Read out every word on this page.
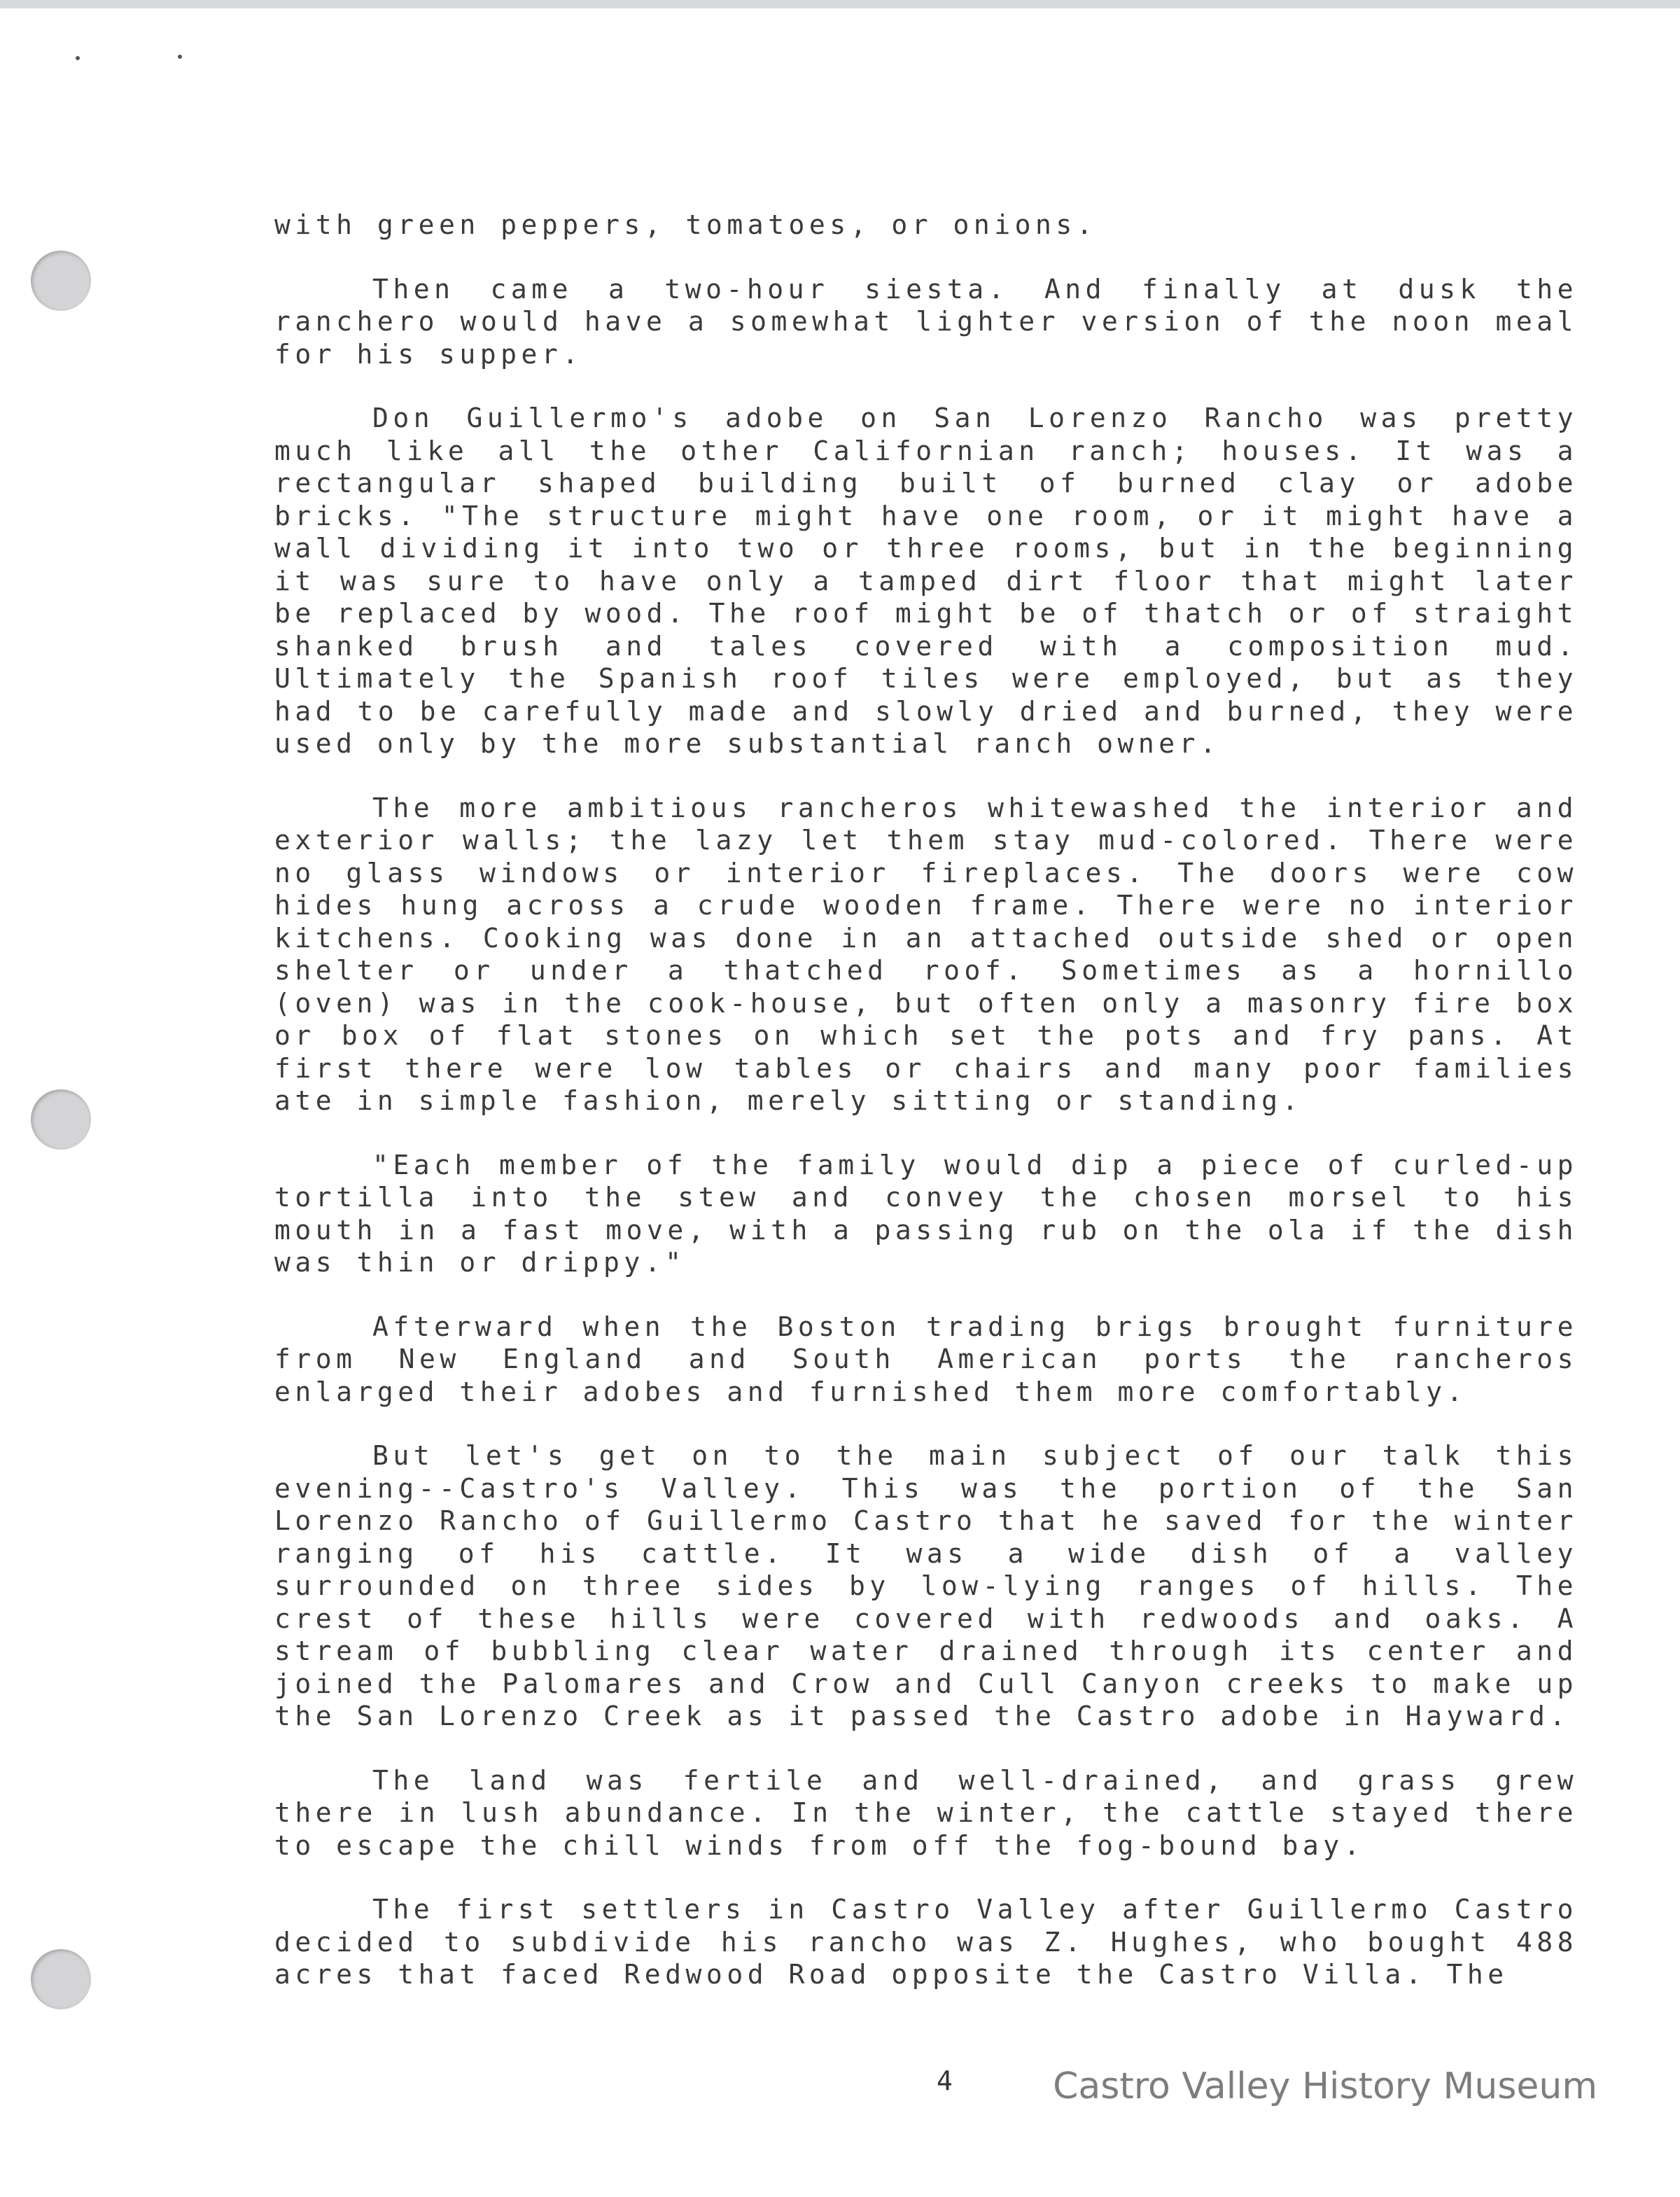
with green peppers, tomatoes, or onions.

Then came a two-hour siesta. And finally at dusk the ranchero would have a somewhat lighter version of the noon meal for his supper.

Don Guillermo's adobe on San Lorenzo Rancho was pretty much like all the other Californian ranch; houses. It was a rectangular shaped building built of burned clay or adobe bricks. "The structure might have one room, or it might have a wall dividing it into two or three rooms, but in the beginning it was sure to have only a tamped dirt floor that might later be replaced by wood. The roof might be of thatch or of straight shanked brush and tales covered with a composition mud. Ultimately the Spanish roof tiles were employed, but as they had to be carefully made and slowly dried and burned, they were used only by the more substantial ranch owner.

The more ambitious rancheros whitewashed the interior and exterior walls; the lazy let them stay mud-colored. There were no glass windows or interior fireplaces. The doors were cow hides hung across a crude wooden frame. There were no interior kitchens. Cooking was done in an attached outside shed or open shelter or under a thatched roof. Sometimes as a hornillo (oven) was in the cook-house, but often only a masonry fire box or box of flat stones on which set the pots and fry pans. At first there were low tables or chairs and many poor families ate in simple fashion, merely sitting or standing.

"Each member of the family would dip a piece of curled-up tortilla into the stew and convey the chosen morsel to his mouth in a fast move, with a passing rub on the ola if the dish was thin or drippy."

Afterward when the Boston trading brigs brought furniture from New England and South American ports the rancheros enlarged their adobes and furnished them more comfortably.

But let's get on to the main subject of our talk this evening--Castro's Valley. This was the portion of the San Lorenzo Rancho of Guillermo Castro that he saved for the winter ranging of his cattle. It was a wide dish of a valley surrounded on three sides by low-lying ranges of hills. The crest of these hills were covered with redwoods and oaks. A stream of bubbling clear water drained through its center and joined the Palomares and Crow and Cull Canyon creeks to make up the San Lorenzo Creek as it passed the Castro adobe in Hayward.

The land was fertile and well-drained, and grass grew there in lush abundance. In the winter, the cattle stayed there to escape the chill winds from off the fog-bound bay.

The first settlers in Castro Valley after Guillermo Castro decided to subdivide his rancho was Z. Hughes, who bought 488 acres that faced Redwood Road opposite the Castro Villa. The

4	Castro Valley History Museum
